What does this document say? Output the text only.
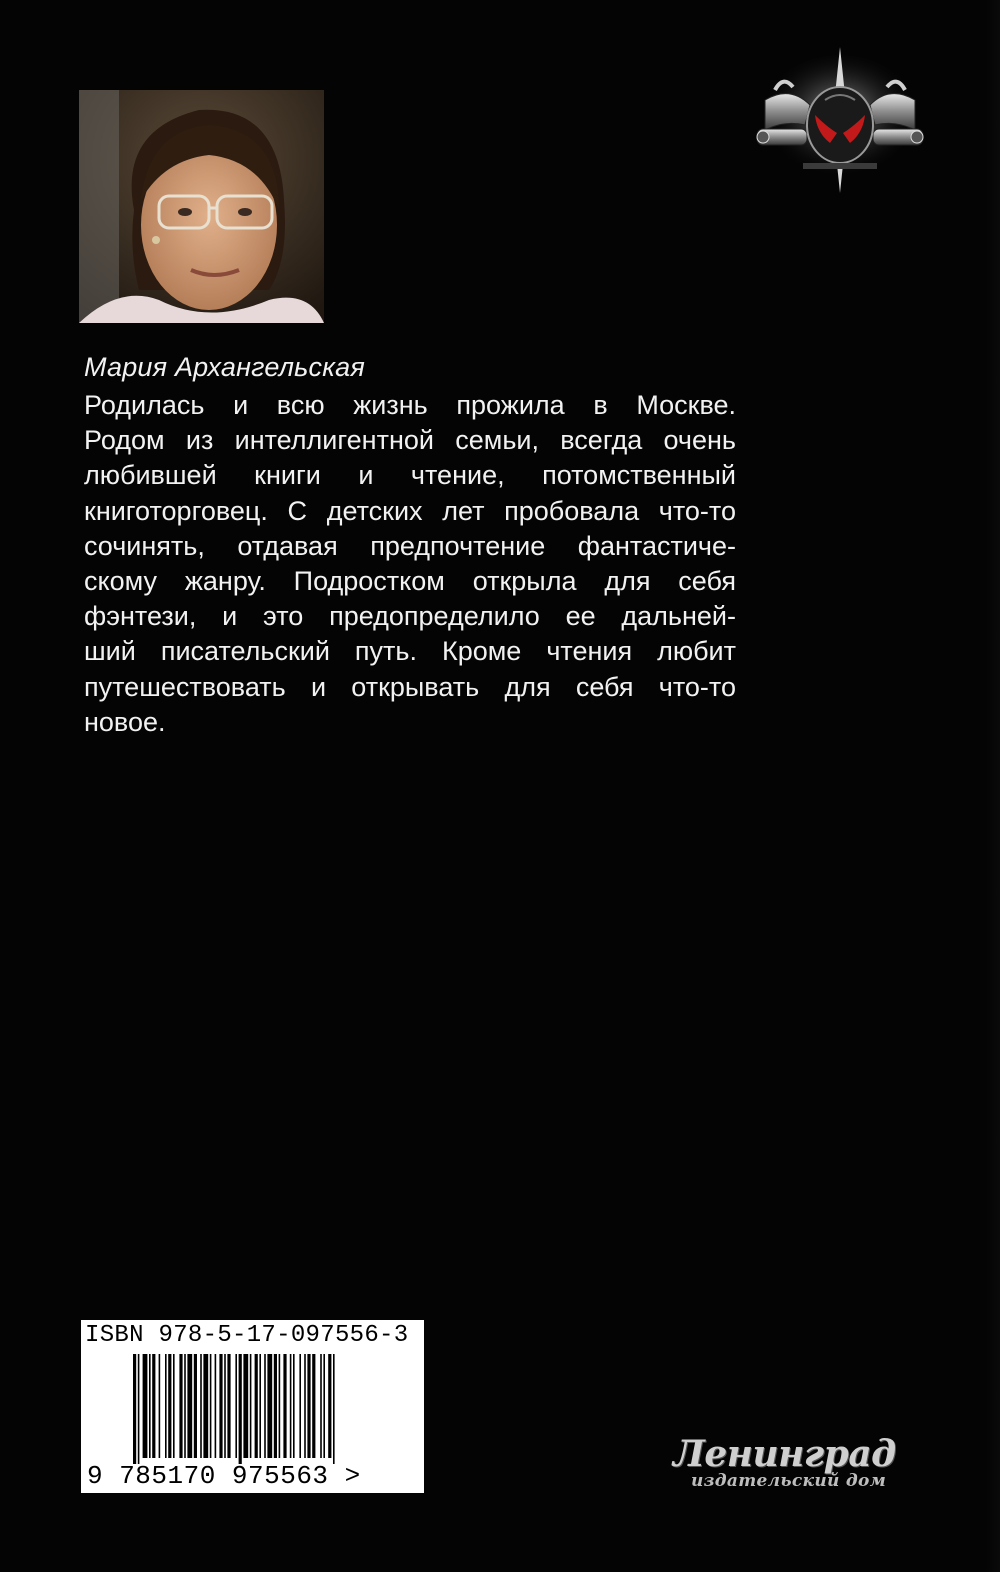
Мария Архангельская

Родилась и всю жизнь прожила в Москве.
Родом из интеллигентной семьи, всегда очень
любившей книги и чтение, потомственный
книготорговец. С детских лет пробовала что-то
сочинять, отдавая предпочтение фантастиче-
скому жанру. Подростком открыла для себя
фэнтези, и это предопределило ее дальней-
ший писательский путь. Кроме чтения любит
путешествовать и открывать для себя что-то
новое.

ISBN 978-5-17-097556-3
9 785170 975563 >
Ленинград
издательский дом
